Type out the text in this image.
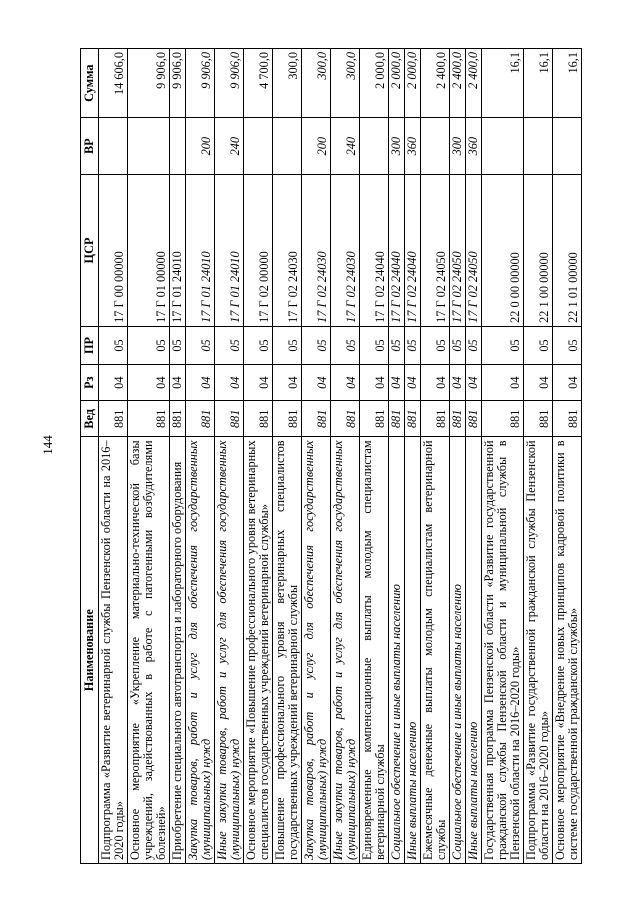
144
Наименование	Вед	Рз	ПР	ЦСР	ВР	Сумма
Подпрограмма «Развитие ветеринарной службы Пензенской области на 2016–2020 годы»	881	04	05	17 Г 00 00000		14 606,0
Основное мероприятие «Укрепление материально-технической базы учреждений, задействованных в работе с патогенными возбудителями болезней»	881	04	05	17 Г 01 00000		9 906,0
Приобретение специального автотранспорта и лабораторного оборудования	881	04	05	17 Г 01 24010		9 906,0
Закупка товаров, работ и услуг для обеспечения государственных (муниципальных) нужд	881	04	05	17 Г 01 24010	200	9 906,0
Иные закупки товаров, работ и услуг для обеспечения государственных (муниципальных) нужд	881	04	05	17 Г 01 24010	240	9 906,0
Основное мероприятие «Повышение профессионального уровня ветеринарных специалистов государственных учреждений ветеринарной службы»	881	04	05	17 Г 02 00000		4 700,0
Повышение профессионального уровня ветеринарных специалистов государственных учреждений ветеринарной службы	881	04	05	17 Г 02 24030		300,0
Закупка товаров, работ и услуг для обеспечения государственных (муниципальных) нужд	881	04	05	17 Г 02 24030	200	300,0
Иные закупки товаров, работ и услуг для обеспечения государственных (муниципальных) нужд	881	04	05	17 Г 02 24030	240	300,0
Единовременные компенсационные выплаты молодым специалистам ветеринарной службы	881	04	05	17 Г 02 24040		2 000,0
Социальное обеспечение и иные выплаты населению	881	04	05	17 Г 02 24040	300	2 000,0
Иные выплаты населению	881	04	05	17 Г 02 24040	360	2 000,0
Ежемесячные денежные выплаты молодым специалистам ветеринарной службы	881	04	05	17 Г 02 24050		2 400,0
Социальное обеспечение и иные выплаты населению	881	04	05	17 Г 02 24050	300	2 400,0
Иные выплаты населению	881	04	05	17 Г 02 24050	360	2 400,0
Государственная программа Пензенской области «Развитие государственной гражданской службы Пензенской области и муниципальной службы в Пензенской области на 2016–2020 годы»	881	04	05	22 0 00 00000		16,1
Подпрограмма «Развитие государственной гражданской службы Пензенской области на 2016–2020 годы»	881	04	05	22 1 00 00000		16,1
Основное мероприятие «Внедрение новых принципов кадровой политики в системе государственной гражданской службы»	881	04	05	22 1 01 00000		16,1
